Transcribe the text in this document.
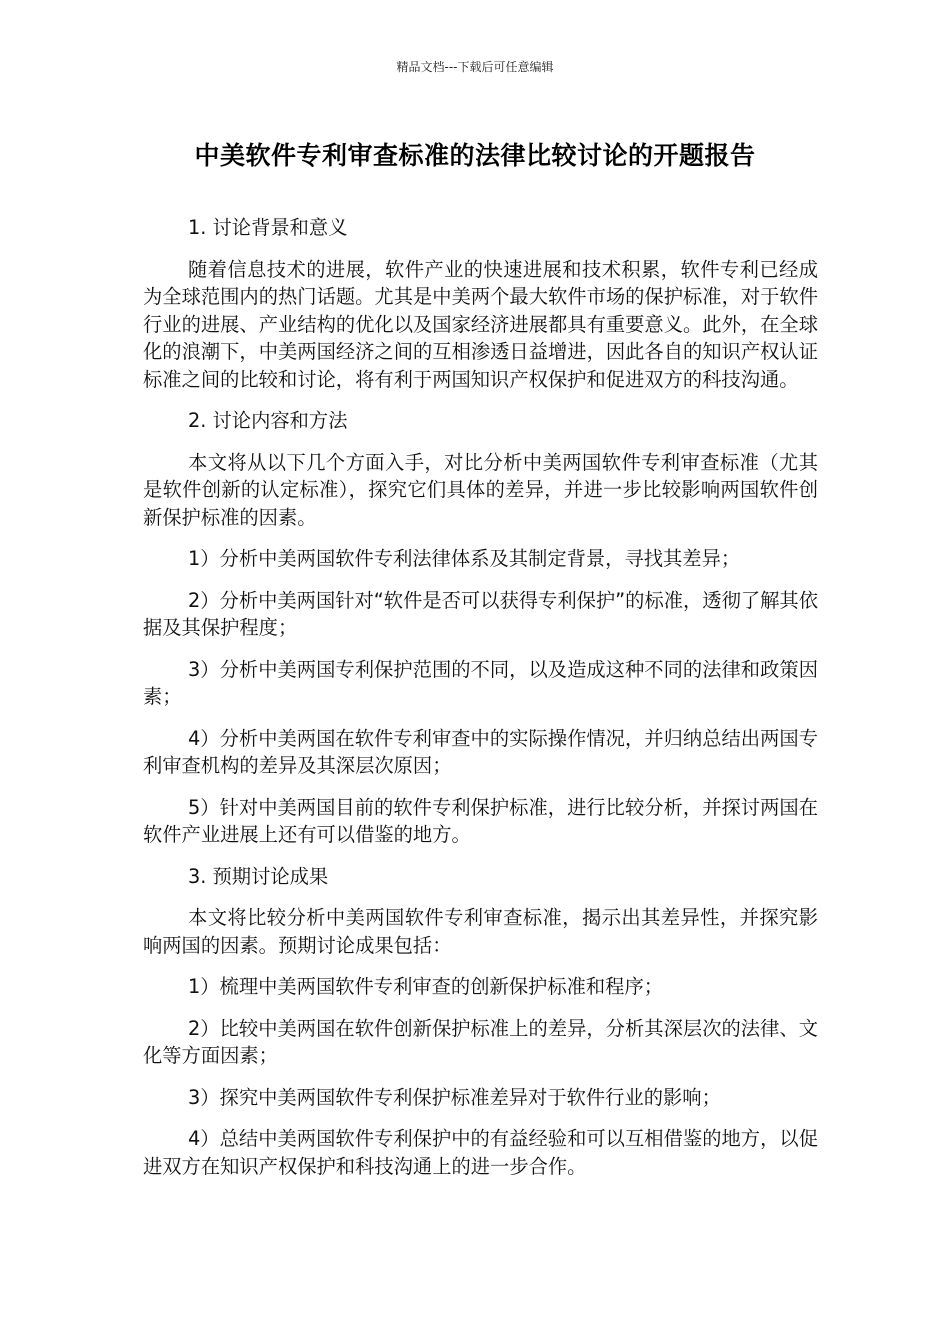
精品文档---下载后可任意编辑
中美软件专利审查标准的法律比较讨论的开题报告

1. 讨论背景和意义

随着信息技术的进展，软件产业的快速进展和技术积累，软件专利已经成为全球范围内的热门话题。尤其是中美两个最大软件市场的保护标准，对于软件行业的进展、产业结构的优化以及国家经济进展都具有重要意义。此外，在全球化的浪潮下，中美两国经济之间的互相渗透日益增进，因此各自的知识产权认证标准之间的比较和讨论，将有利于两国知识产权保护和促进双方的科技沟通。

2. 讨论内容和方法

本文将从以下几个方面入手，对比分析中美两国软件专利审查标准（尤其是软件创新的认定标准），探究它们具体的差异，并进一步比较影响两国软件创新保护标准的因素。

1）分析中美两国软件专利法律体系及其制定背景，寻找其差异；

2）分析中美两国针对“软件是否可以获得专利保护”的标准，透彻了解其依据及其保护程度；

3）分析中美两国专利保护范围的不同，以及造成这种不同的法律和政策因素；

4）分析中美两国在软件专利审查中的实际操作情况，并归纳总结出两国专利审查机构的差异及其深层次原因；

5）针对中美两国目前的软件专利保护标准，进行比较分析，并探讨两国在软件产业进展上还有可以借鉴的地方。

3. 预期讨论成果

本文将比较分析中美两国软件专利审查标准，揭示出其差异性，并探究影响两国的因素。预期讨论成果包括：

1）梳理中美两国软件专利审查的创新保护标准和程序；

2）比较中美两国在软件创新保护标准上的差异，分析其深层次的法律、文化等方面因素；

3）探究中美两国软件专利保护标准差异对于软件行业的影响；

4）总结中美两国软件专利保护中的有益经验和可以互相借鉴的地方，以促进双方在知识产权保护和科技沟通上的进一步合作。
